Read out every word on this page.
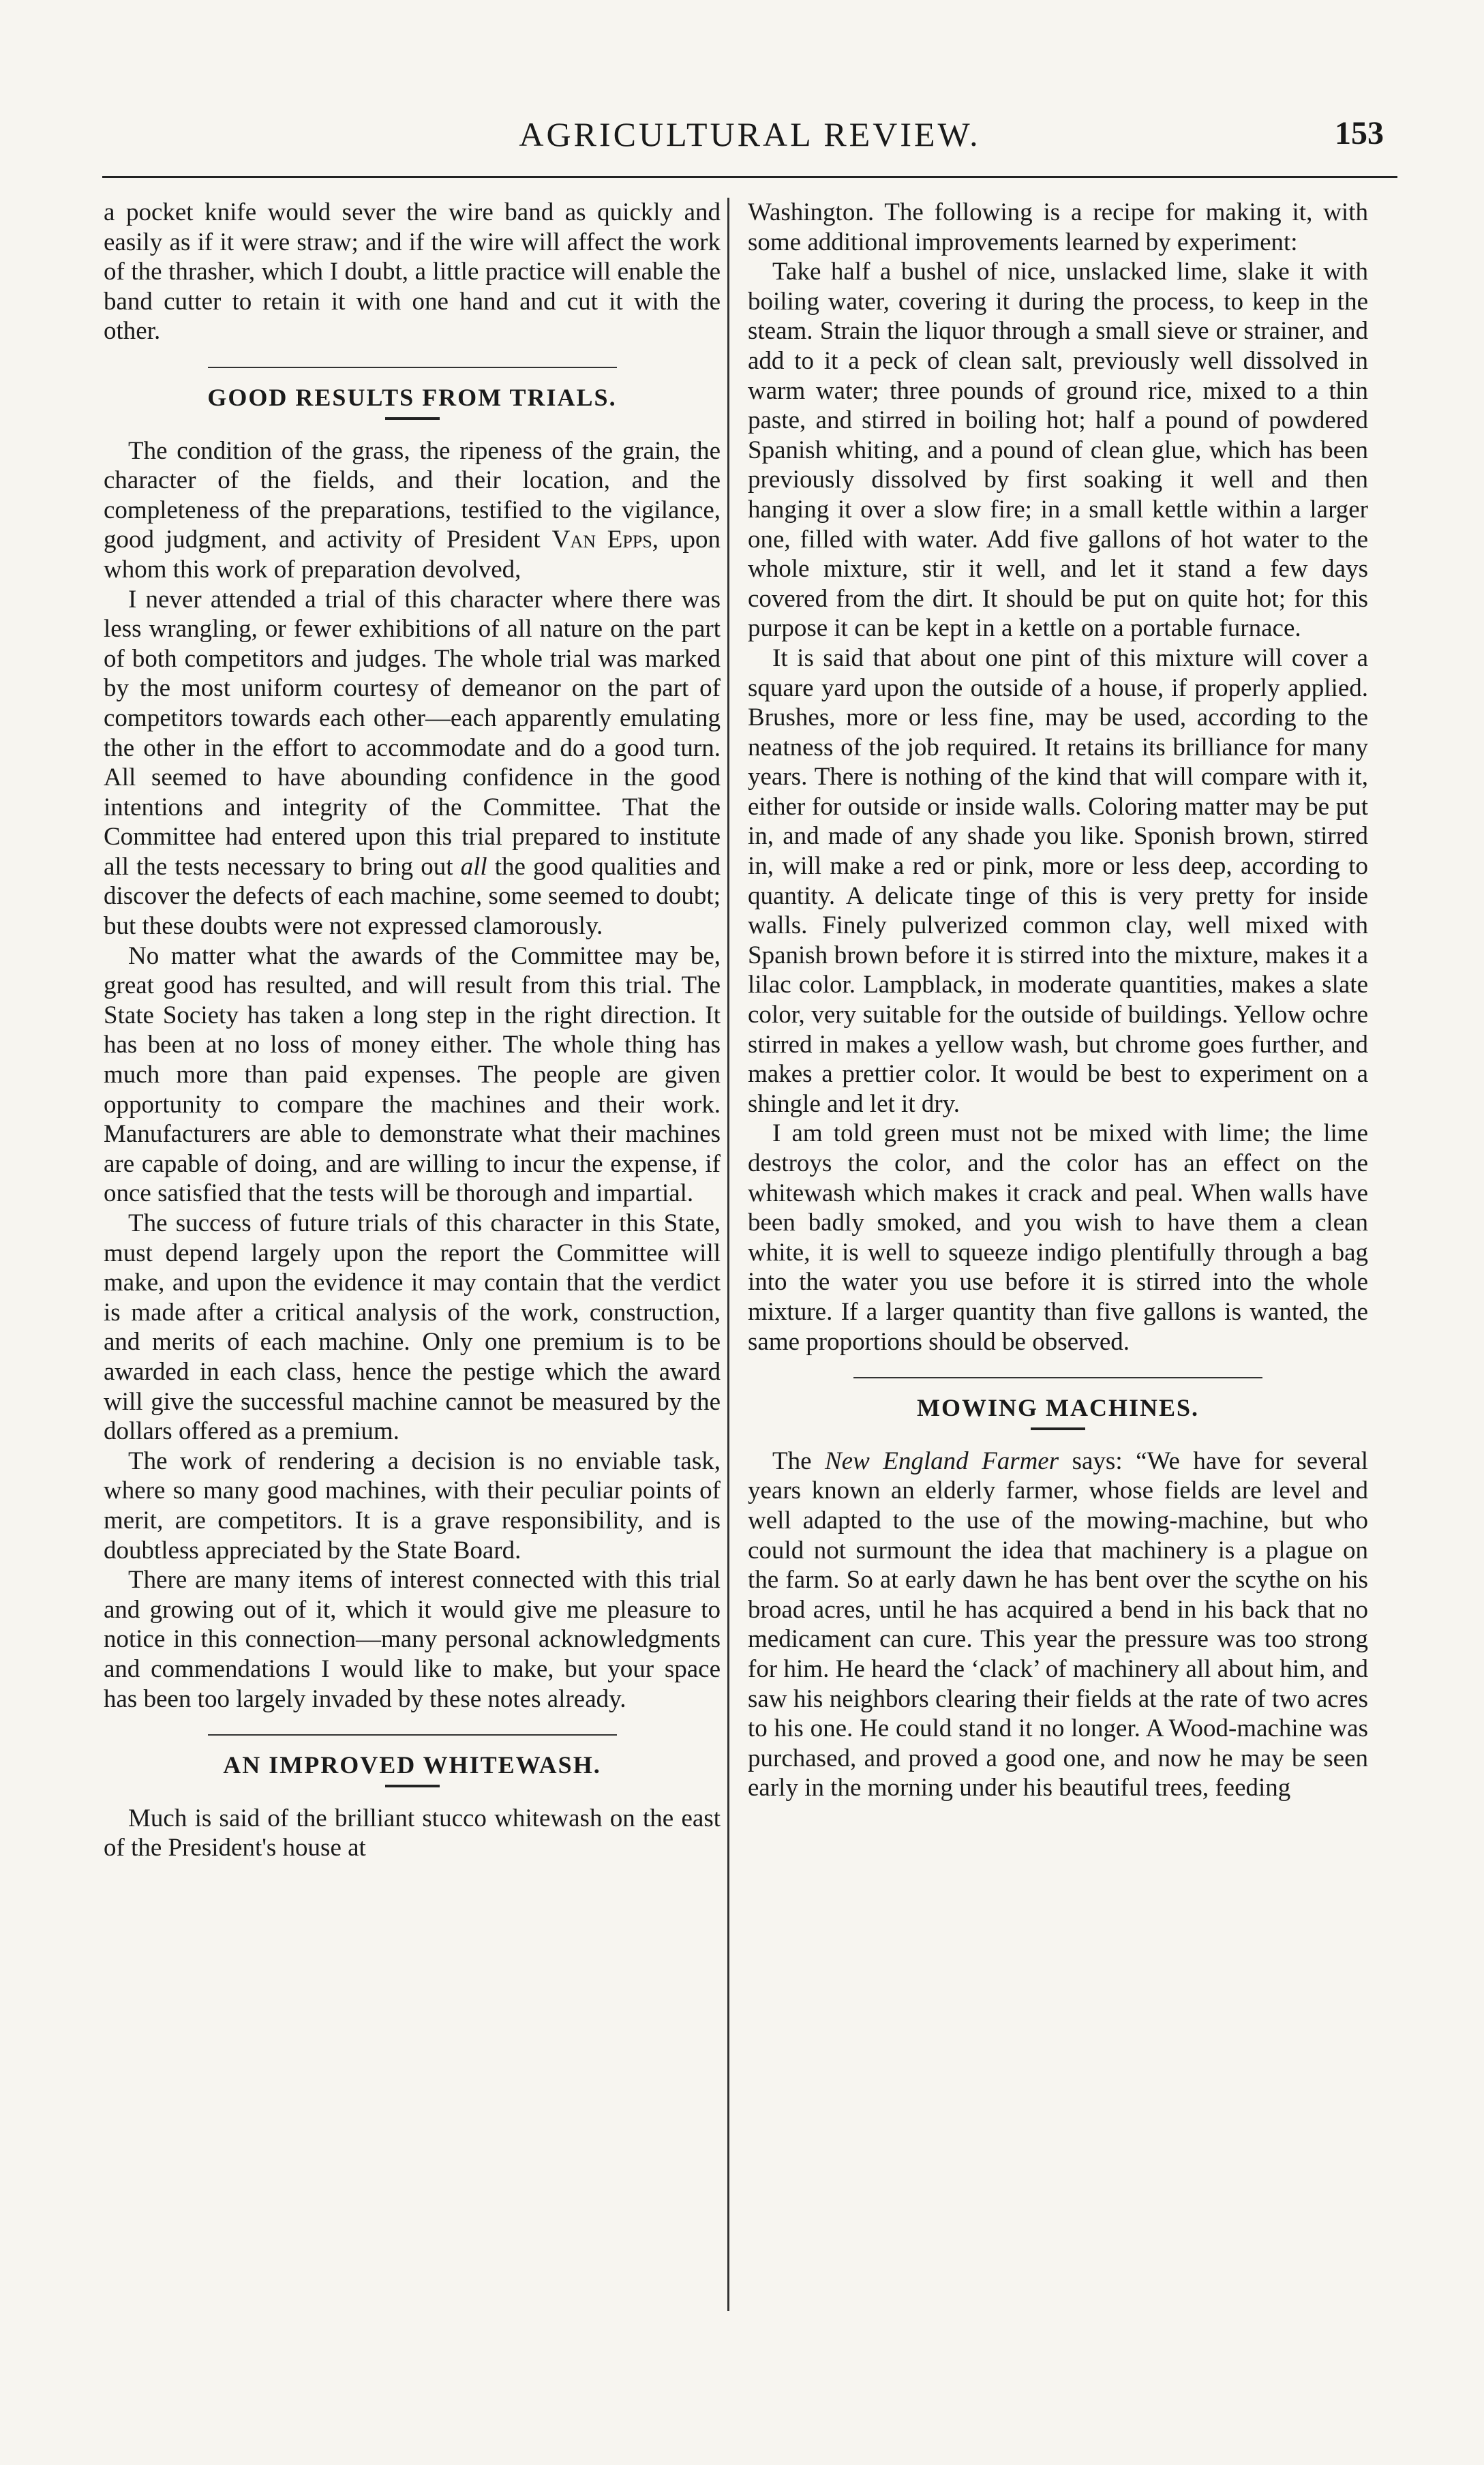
AGRICULTURAL REVIEW.	153

a pocket knife would sever the wire band as quickly and easily as if it were straw; and if the wire will affect the work of the thrasher, which I doubt, a little practice will enable the band cutter to retain it with one hand and cut it with the other.

GOOD RESULTS FROM TRIALS.

The condition of the grass, the ripeness of the grain, the character of the fields, and their location, and the completeness of the preparations, testified to the vigilance, good judgment, and activity of President Van Epps, upon whom this work of preparation devolved,

I never attended a trial of this character where there was less wrangling, or fewer exhibitions of all nature on the part of both competitors and judges. The whole trial was marked by the most uniform courtesy of demeanor on the part of competitors towards each other—each apparently emulating the other in the effort to accommodate and do a good turn. All seemed to have abounding confidence in the good intentions and integrity of the Committee. That the Committee had entered upon this trial prepared to institute all the tests necessary to bring out all the good qualities and discover the defects of each machine, some seemed to doubt; but these doubts were not expressed clamorously.

No matter what the awards of the Committee may be, great good has resulted, and will result from this trial. The State Society has taken a long step in the right direction. It has been at no loss of money either. The whole thing has much more than paid expenses. The people are given opportunity to compare the machines and their work. Manufacturers are able to demonstrate what their machines are capable of doing, and are willing to incur the expense, if once satisfied that the tests will be thorough and impartial.

The success of future trials of this character in this State, must depend largely upon the report the Committee will make, and upon the evidence it may contain that the verdict is made after a critical analysis of the work, construction, and merits of each machine. Only one premium is to be awarded in each class, hence the pestige which the award will give the successful machine cannot be measured by the dollars offered as a premium.

The work of rendering a decision is no enviable task, where so many good machines, with their peculiar points of merit, are competitors. It is a grave responsibility, and is doubtless appreciated by the State Board.

There are many items of interest connected with this trial and growing out of it, which it would give me pleasure to notice in this connection—many personal acknowledgments and commendations I would like to make, but your space has been too largely invaded by these notes already.

AN IMPROVED WHITEWASH.

Much is said of the brilliant stucco whitewash on the east of the President's house at

Washington. The following is a recipe for making it, with some additional improvements learned by experiment:

Take half a bushel of nice, unslacked lime, slake it with boiling water, covering it during the process, to keep in the steam. Strain the liquor through a small sieve or strainer, and add to it a peck of clean salt, previously well dissolved in warm water; three pounds of ground rice, mixed to a thin paste, and stirred in boiling hot; half a pound of powdered Spanish whiting, and a pound of clean glue, which has been previously dissolved by first soaking it well and then hanging it over a slow fire; in a small kettle within a larger one, filled with water. Add five gallons of hot water to the whole mixture, stir it well, and let it stand a few days covered from the dirt. It should be put on quite hot; for this purpose it can be kept in a kettle on a portable furnace.

It is said that about one pint of this mixture will cover a square yard upon the outside of a house, if properly applied. Brushes, more or less fine, may be used, according to the neatness of the job required. It retains its brilliance for many years. There is nothing of the kind that will compare with it, either for outside or inside walls. Coloring matter may be put in, and made of any shade you like. Sponish brown, stirred in, will make a red or pink, more or less deep, according to quantity. A delicate tinge of this is very pretty for inside walls. Finely pulverized common clay, well mixed with Spanish brown before it is stirred into the mixture, makes it a lilac color. Lampblack, in moderate quantities, makes a slate color, very suitable for the outside of buildings. Yellow ochre stirred in makes a yellow wash, but chrome goes further, and makes a prettier color. It would be best to experiment on a shingle and let it dry.

I am told green must not be mixed with lime; the lime destroys the color, and the color has an effect on the whitewash which makes it crack and peal. When walls have been badly smoked, and you wish to have them a clean white, it is well to squeeze indigo plentifully through a bag into the water you use before it is stirred into the whole mixture. If a larger quantity than five gallons is wanted, the same proportions should be observed.

MOWING MACHINES.

The New England Farmer says: “We have for several years known an elderly farmer, whose fields are level and well adapted to the use of the mowing-machine, but who could not surmount the idea that machinery is a plague on the farm. So at early dawn he has bent over the scythe on his broad acres, until he has acquired a bend in his back that no medicament can cure. This year the pressure was too strong for him. He heard the ‘clack’ of machinery all about him, and saw his neighbors clearing their fields at the rate of two acres to his one. He could stand it no longer. A Wood-machine was purchased, and proved a good one, and now he may be seen early in the morning under his beautiful trees, feeding
